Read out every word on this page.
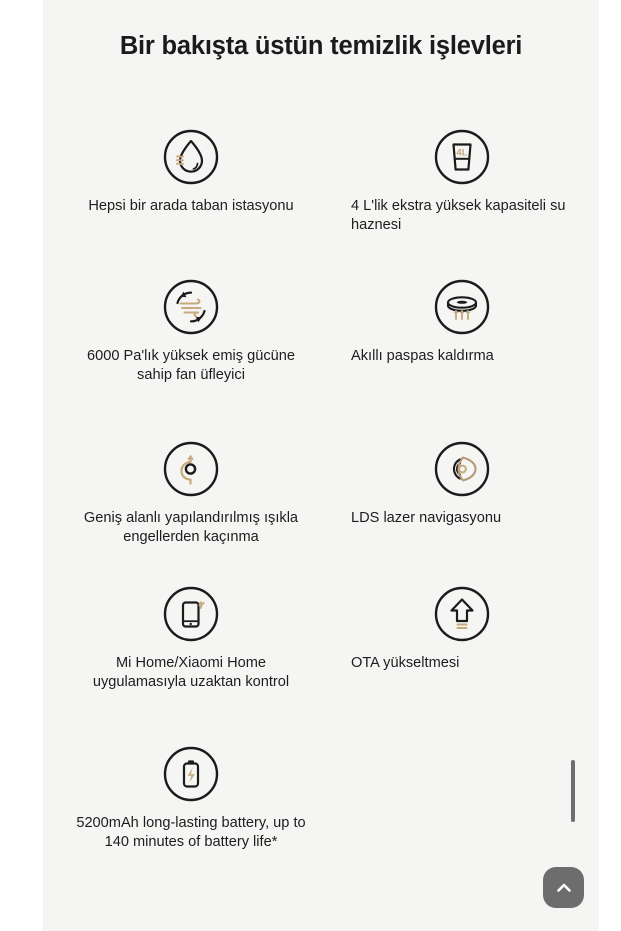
Bir bakışta üstün temizlik işlevleri
Hepsi bir arada taban istasyonu
4L
4 L'lik ekstra yüksek kapasiteli su haznesi
6000 Pa'lık yüksek emiş gücüne sahip fan üfleyici
Akıllı paspas kaldırma
Geniş alanlı yapılandırılmış ışıkla engellerden kaçınma
LDS lazer navigasyonu
Mi Home/Xiaomi Home uygulamasıyla uzaktan kontrol
OTA yükseltmesi
5200mAh long-lasting battery, up to 140 minutes of battery life*
